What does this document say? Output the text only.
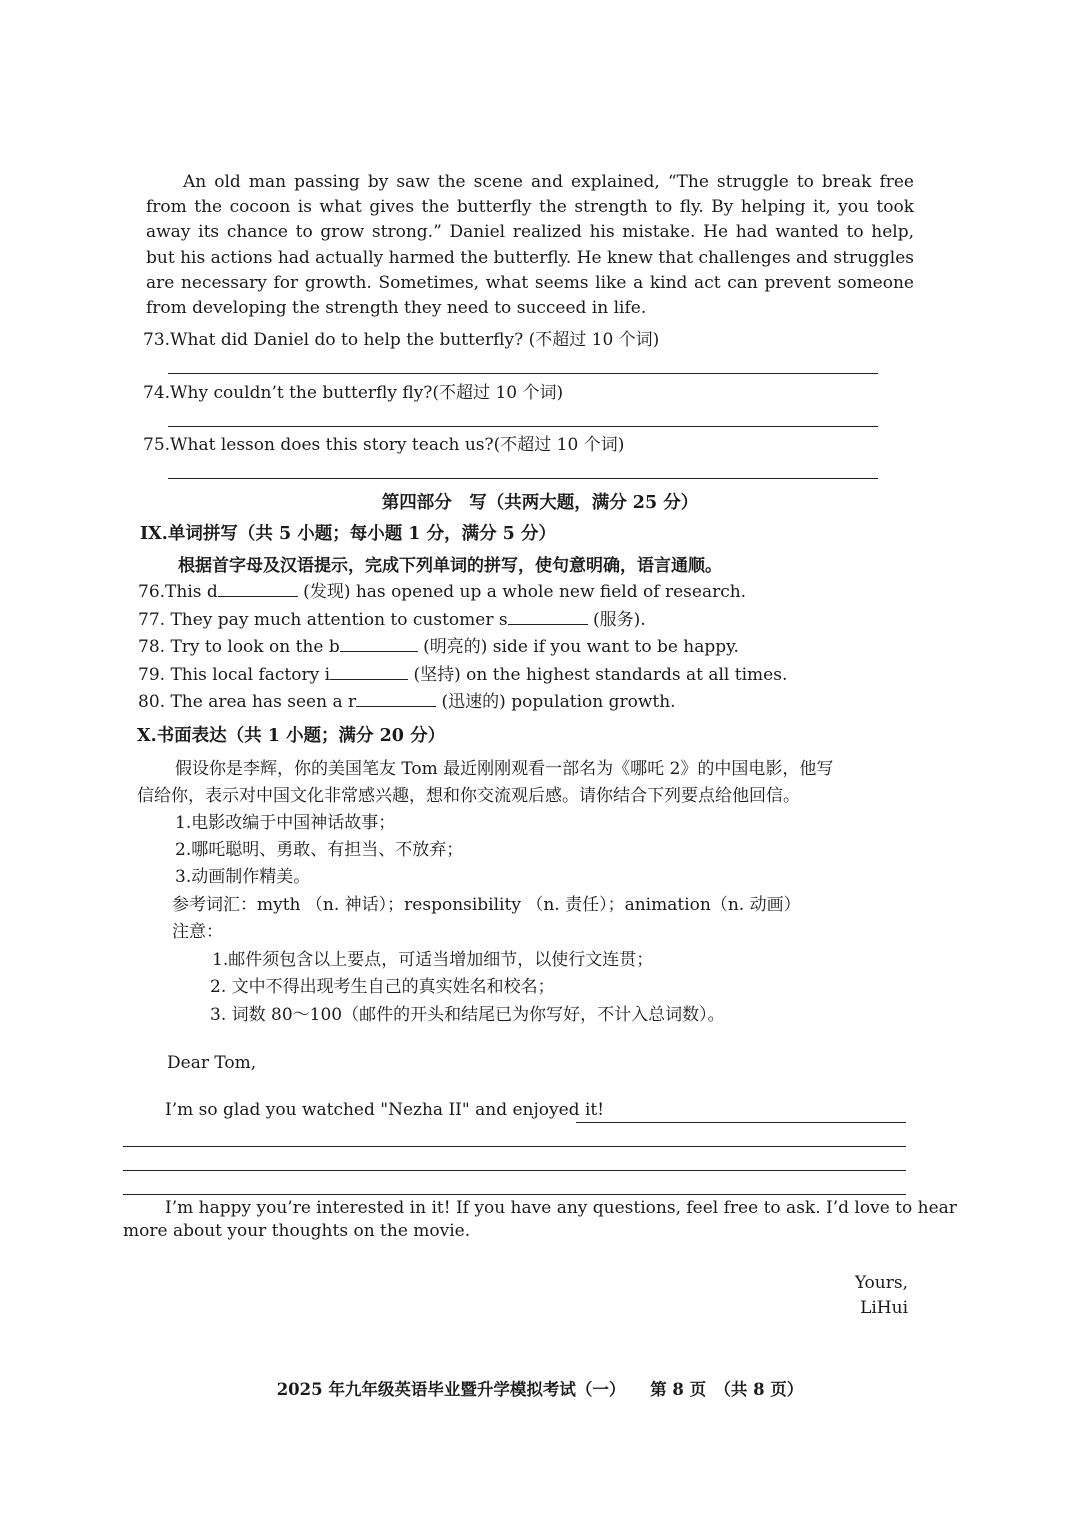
An old man passing by saw the scene and explained, “The struggle to break free from the cocoon is what gives the butterfly the strength to fly. By helping it, you took away its chance to grow strong.” Daniel realized his mistake. He had wanted to help, but his actions had actually harmed the butterfly. He knew that challenges and struggles are necessary for growth. Sometimes, what seems like a kind act can prevent someone from developing the strength they need to succeed in life.
73.What did Daniel do to help the butterfly? (不超过 10 个词)
74.Why couldn’t the butterfly fly?(不超过 10 个词)
75.What lesson does this story teach us?(不超过 10 个词)
第四部分　写（共两大题，满分 25 分）
IX.单词拼写（共 5 小题；每小题 1 分，满分 5 分）
根据首字母及汉语提示，完成下列单词的拼写，使句意明确，语言通顺。
76.This d	(发现) has opened up a whole new field of research.
77. They pay much attention to customer s	(服务).
78. Try to look on the b	(明亮的) side if you want to be happy.
79. This local factory i	(坚持) on the highest standards at all times.
80. The area has seen a r	(迅速的) population growth.
X.书面表达（共 1 小题；满分 20 分）
假设你是李辉，你的美国笔友 Tom 最近刚刚观看一部名为《哪吒 2》的中国电影，他写
信给你，表示对中国文化非常感兴趣，想和你交流观后感。请你结合下列要点给他回信。
1.电影改编于中国神话故事；
2.哪吒聪明、勇敢、有担当、不放弃；
3.动画制作精美。
参考词汇：myth （n. 神话）；responsibility （n. 责任）；animation（n. 动画）
注意：
1.邮件须包含以上要点，可适当增加细节，以使行文连贯；
2. 文中不得出现考生自己的真实姓名和校名；
3. 词数 80～100（邮件的开头和结尾已为你写好，不计入总词数）。
Dear Tom,
I’m so glad you watched "Nezha II" and enjoyed it!
I’m happy you’re interested in it! If you have any questions, feel free to ask. I’d love to hear
more about your thoughts on the movie.
Yours,
LiHui
2025 年九年级英语毕业暨升学模拟考试（一）　　第 8 页　（共 8 页）
